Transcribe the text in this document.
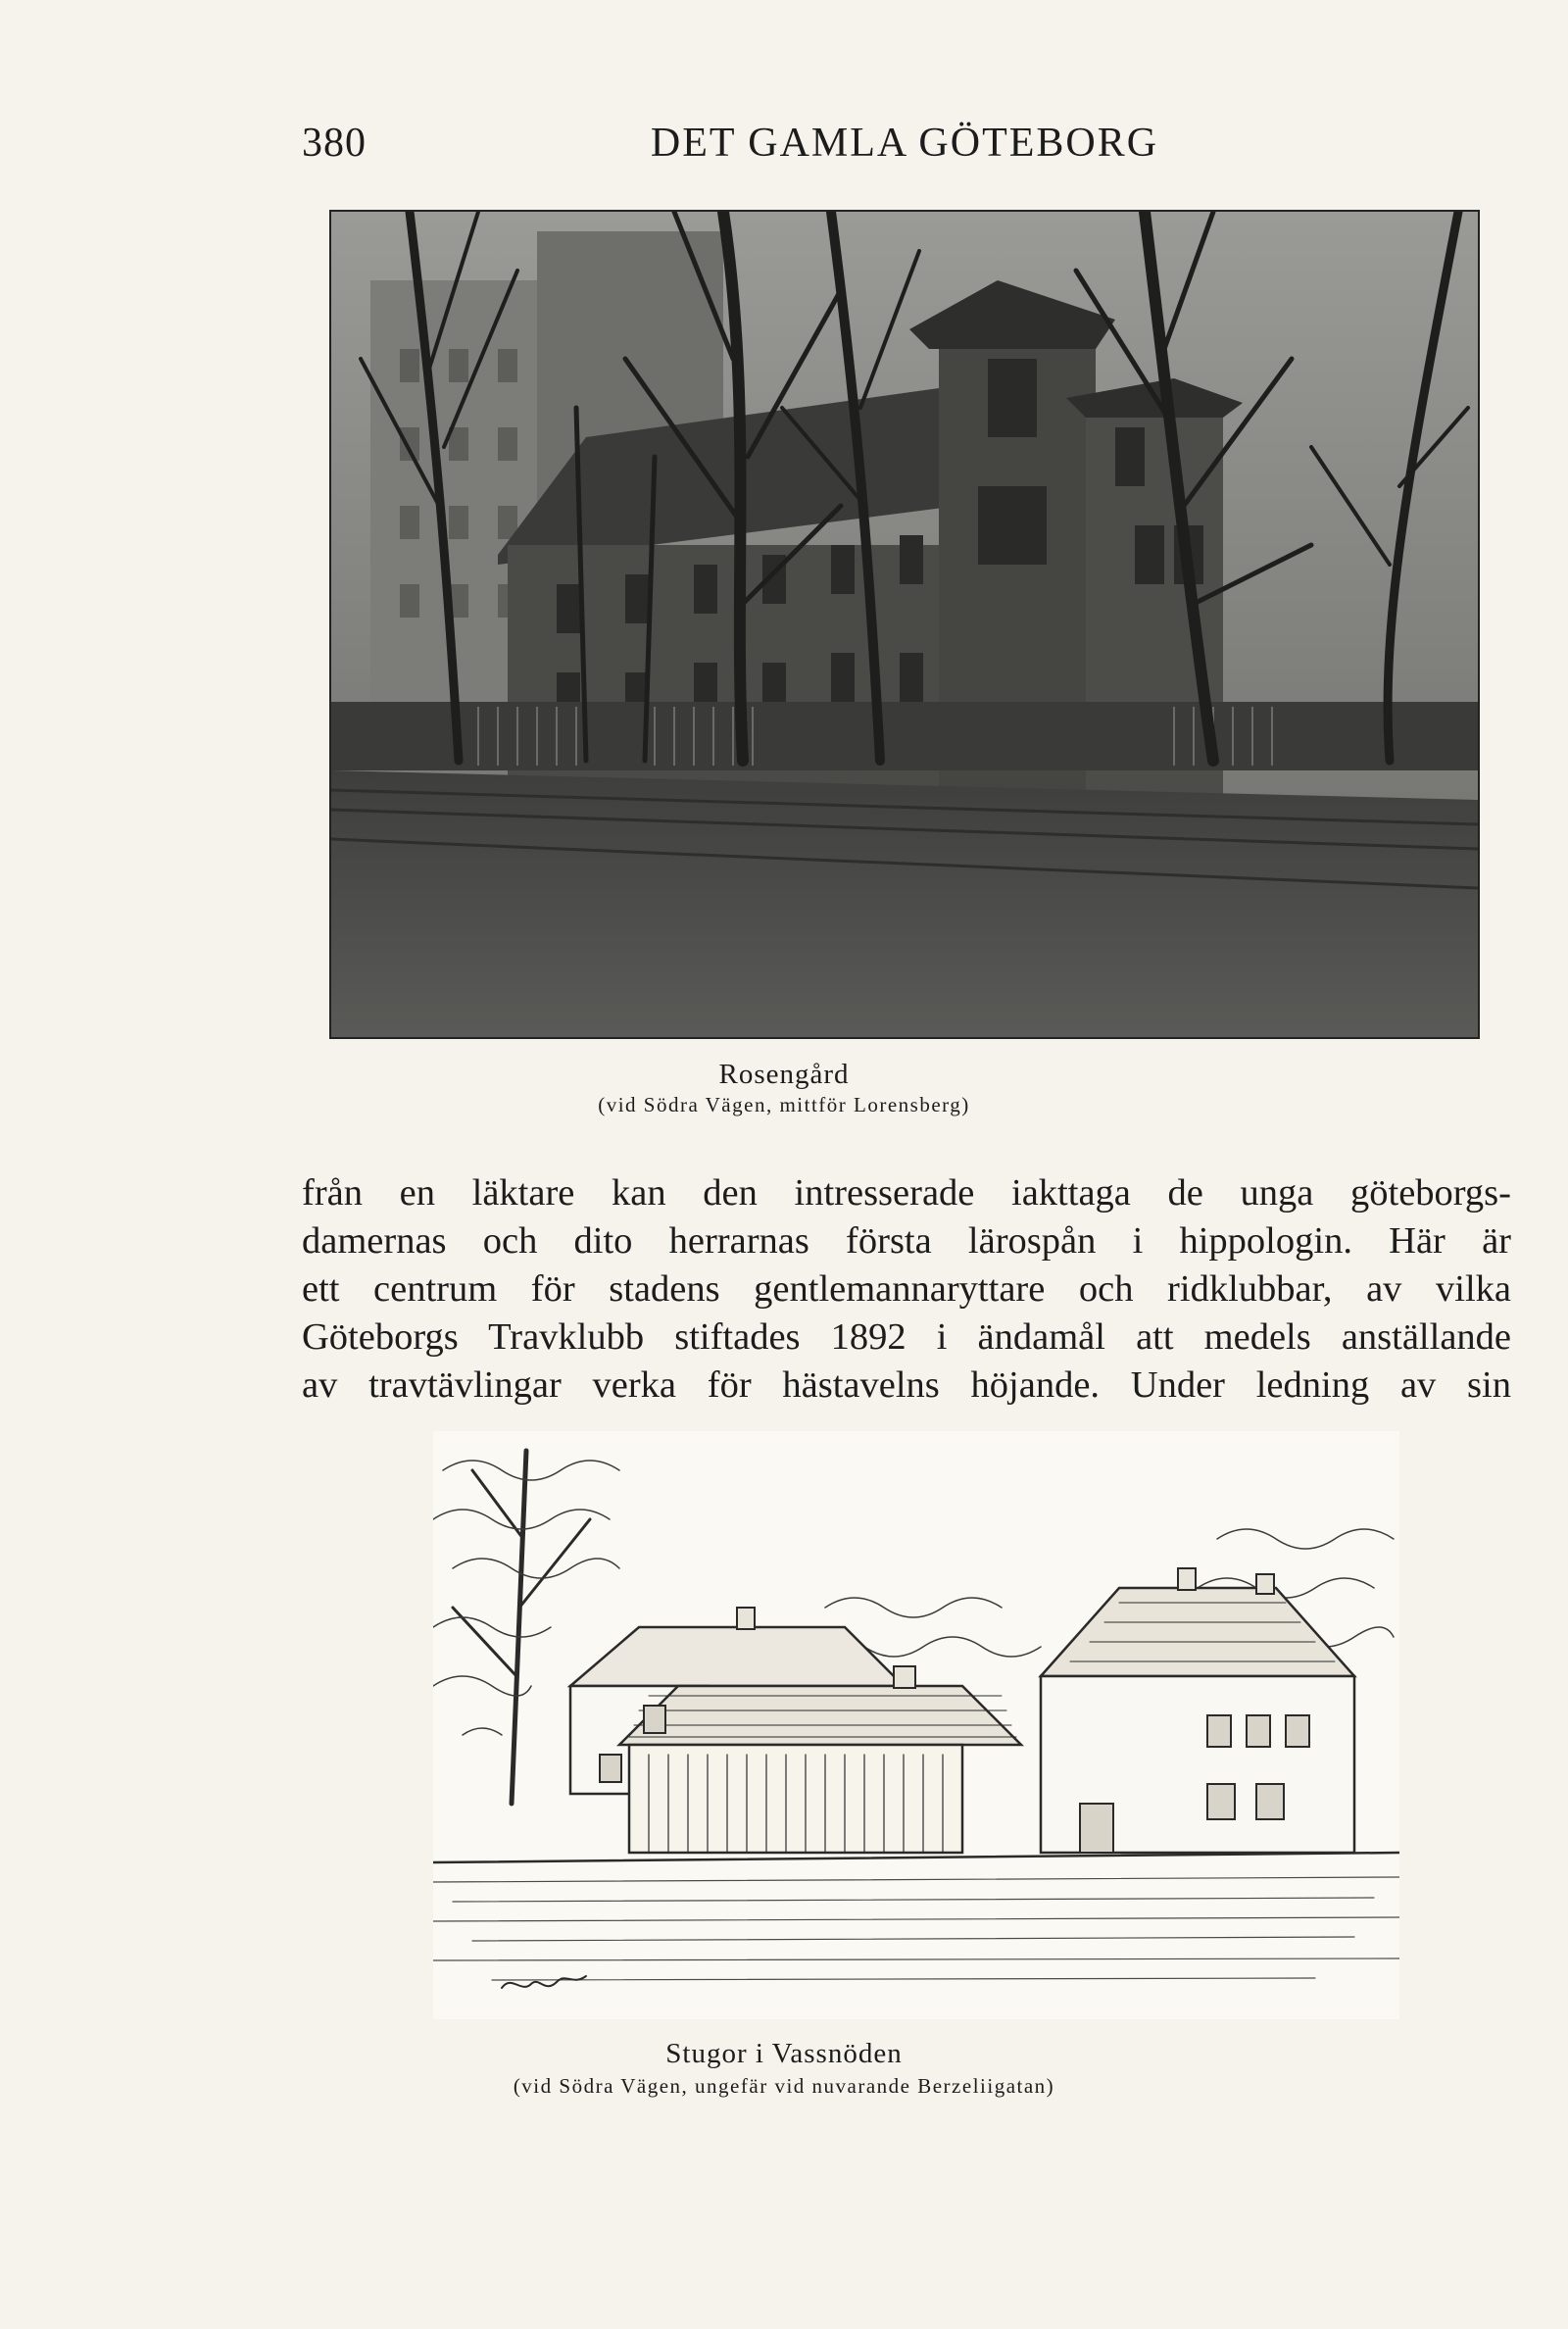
380	DET GAMLA GÖTEBORG
Rosengård
(vid Södra Vägen, mittför Lorensberg)
från en läktare kan den intresserade iakttaga de unga göteborgs-
damernas och dito herrarnas första lärospån i hippologin. Här är
ett centrum för stadens gentlemannaryttare och ridklubbar, av vilka
Göteborgs Travklubb stiftades 1892 i ändamål att medels anställande
av travtävlingar verka för hästavelns höjande. Under ledning av sin
Stugor i Vassnöden
(vid Södra Vägen, ungefär vid nuvarande Berzeliigatan)
